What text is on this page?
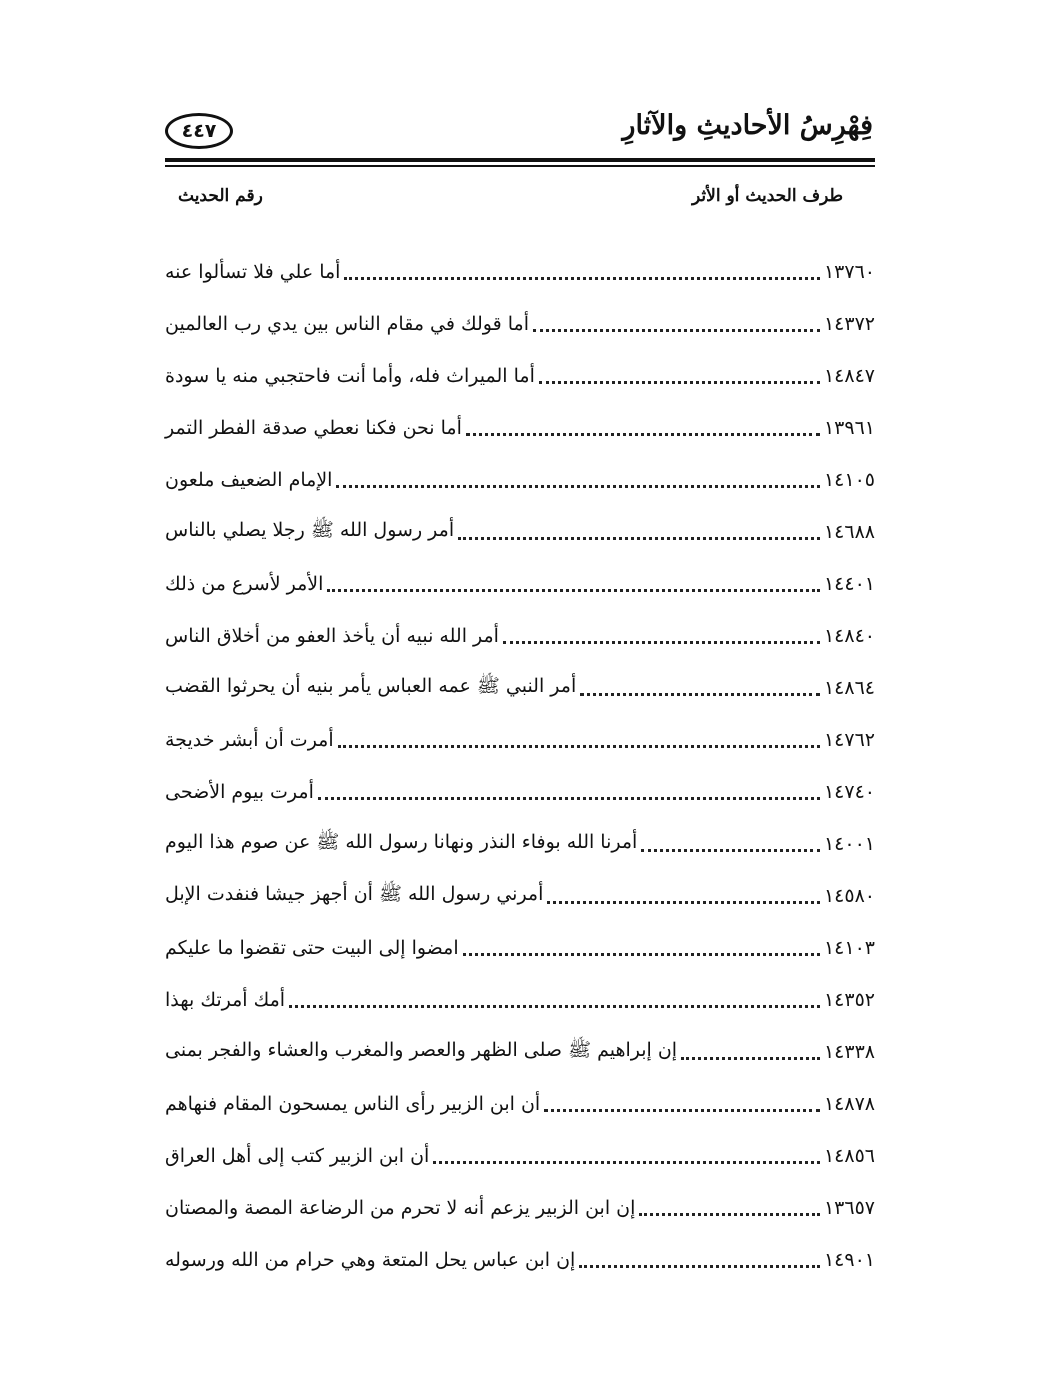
فِهْرِسُ الأحاديثِ والآثارِ
٤٤٧
طرف الحديث أو الأثر
رقم الحديث
أما علي فلا تسألوا عنه	١٣٧٦٠
أما قولك في مقام الناس بين يدي رب العالمين	١٤٣٧٢
أما الميراث فله، وأما أنت فاحتجبي منه يا سودة	١٤٨٤٧
أما نحن فكنا نعطي صدقة الفطر التمر	١٣٩٦١
الإمام الضعيف ملعون	١٤١٠٥
أمر رسول الله ﷺ رجلا يصلي بالناس	١٤٦٨٨
الأمر لأسرع من ذلك	١٤٤٠١
أمر الله نبيه أن يأخذ العفو من أخلاق الناس	١٤٨٤٠
أمر النبي ﷺ عمه العباس يأمر بنيه أن يحرثوا القضب	١٤٨٦٤
أمرت أن أبشر خديجة	١٤٧٦٢
أمرت بيوم الأضحى	١٤٧٤٠
أمرنا الله بوفاء النذر ونهانا رسول الله ﷺ عن صوم هذا اليوم	١٤٠٠١
أمرني رسول الله ﷺ أن أجهز جيشا فنفدت الإبل	١٤٥٨٠
امضوا إلى البيت حتى تقضوا ما عليكم	١٤١٠٣
أمك أمرتك بهذا	١٤٣٥٢
إن إبراهيم ﷺ صلى الظهر والعصر والمغرب والعشاء والفجر بمنى	١٤٣٣٨
أن ابن الزبير رأى الناس يمسحون المقام فنهاهم	١٤٨٧٨
أن ابن الزبير كتب إلى أهل العراق	١٤٨٥٦
إن ابن الزبير يزعم أنه لا تحرم من الرضاعة المصة والمصتان	١٣٦٥٧
إن ابن عباس يحل المتعة وهي حرام من الله ورسوله	١٤٩٠١
